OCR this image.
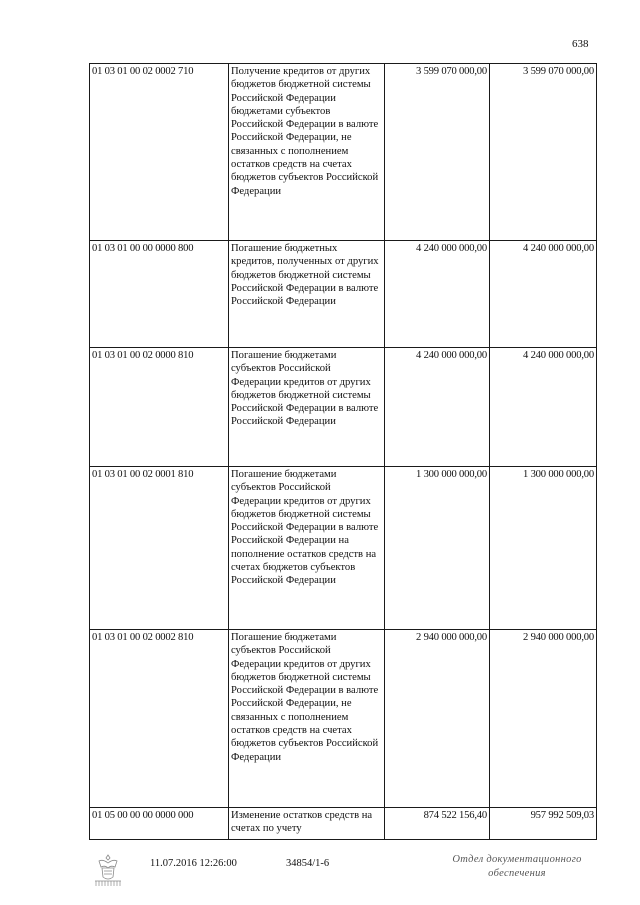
638
01 03 01 00 02 0002 710	Получение кредитов от других бюджетов бюджетной системы Российской Федерации бюджетами субъектов Российской Федерации в валюте Российской Федерации, не связанных с пополнением остатков средств на счетах бюджетов субъектов Российской Федерации	3 599 070 000,00	3 599 070 000,00
01 03 01 00 00 0000 800	Погашение бюджетных кредитов, полученных от других бюджетов бюджетной системы Российской Федерации в валюте Российской Федерации	4 240 000 000,00	4 240 000 000,00
01 03 01 00 02 0000 810	Погашение бюджетами субъектов Российской Федерации кредитов от других бюджетов бюджетной системы Российской Федерации в валюте Российской Федерации	4 240 000 000,00	4 240 000 000,00
01 03 01 00 02 0001 810	Погашение бюджетами субъектов Российской Федерации кредитов от других бюджетов бюджетной системы Российской Федерации в валюте Российской Федерации на пополнение остатков средств на счетах бюджетов субъектов Российской Федерации	1 300 000 000,00	1 300 000 000,00
01 03 01 00 02 0002 810	Погашение бюджетами субъектов Российской Федерации кредитов от других бюджетов бюджетной системы Российской Федерации в валюте Российской Федерации, не связанных с пополнением остатков средств на счетах бюджетов субъектов Российской Федерации	2 940 000 000,00	2 940 000 000,00
01 05 00 00 00 0000 000	Изменение остатков средств на счетах по учету	874 522 156,40	957 992 509,03
11.07.2016 12:26:00	34854/1-6	Отдел документационного
обеспечения
